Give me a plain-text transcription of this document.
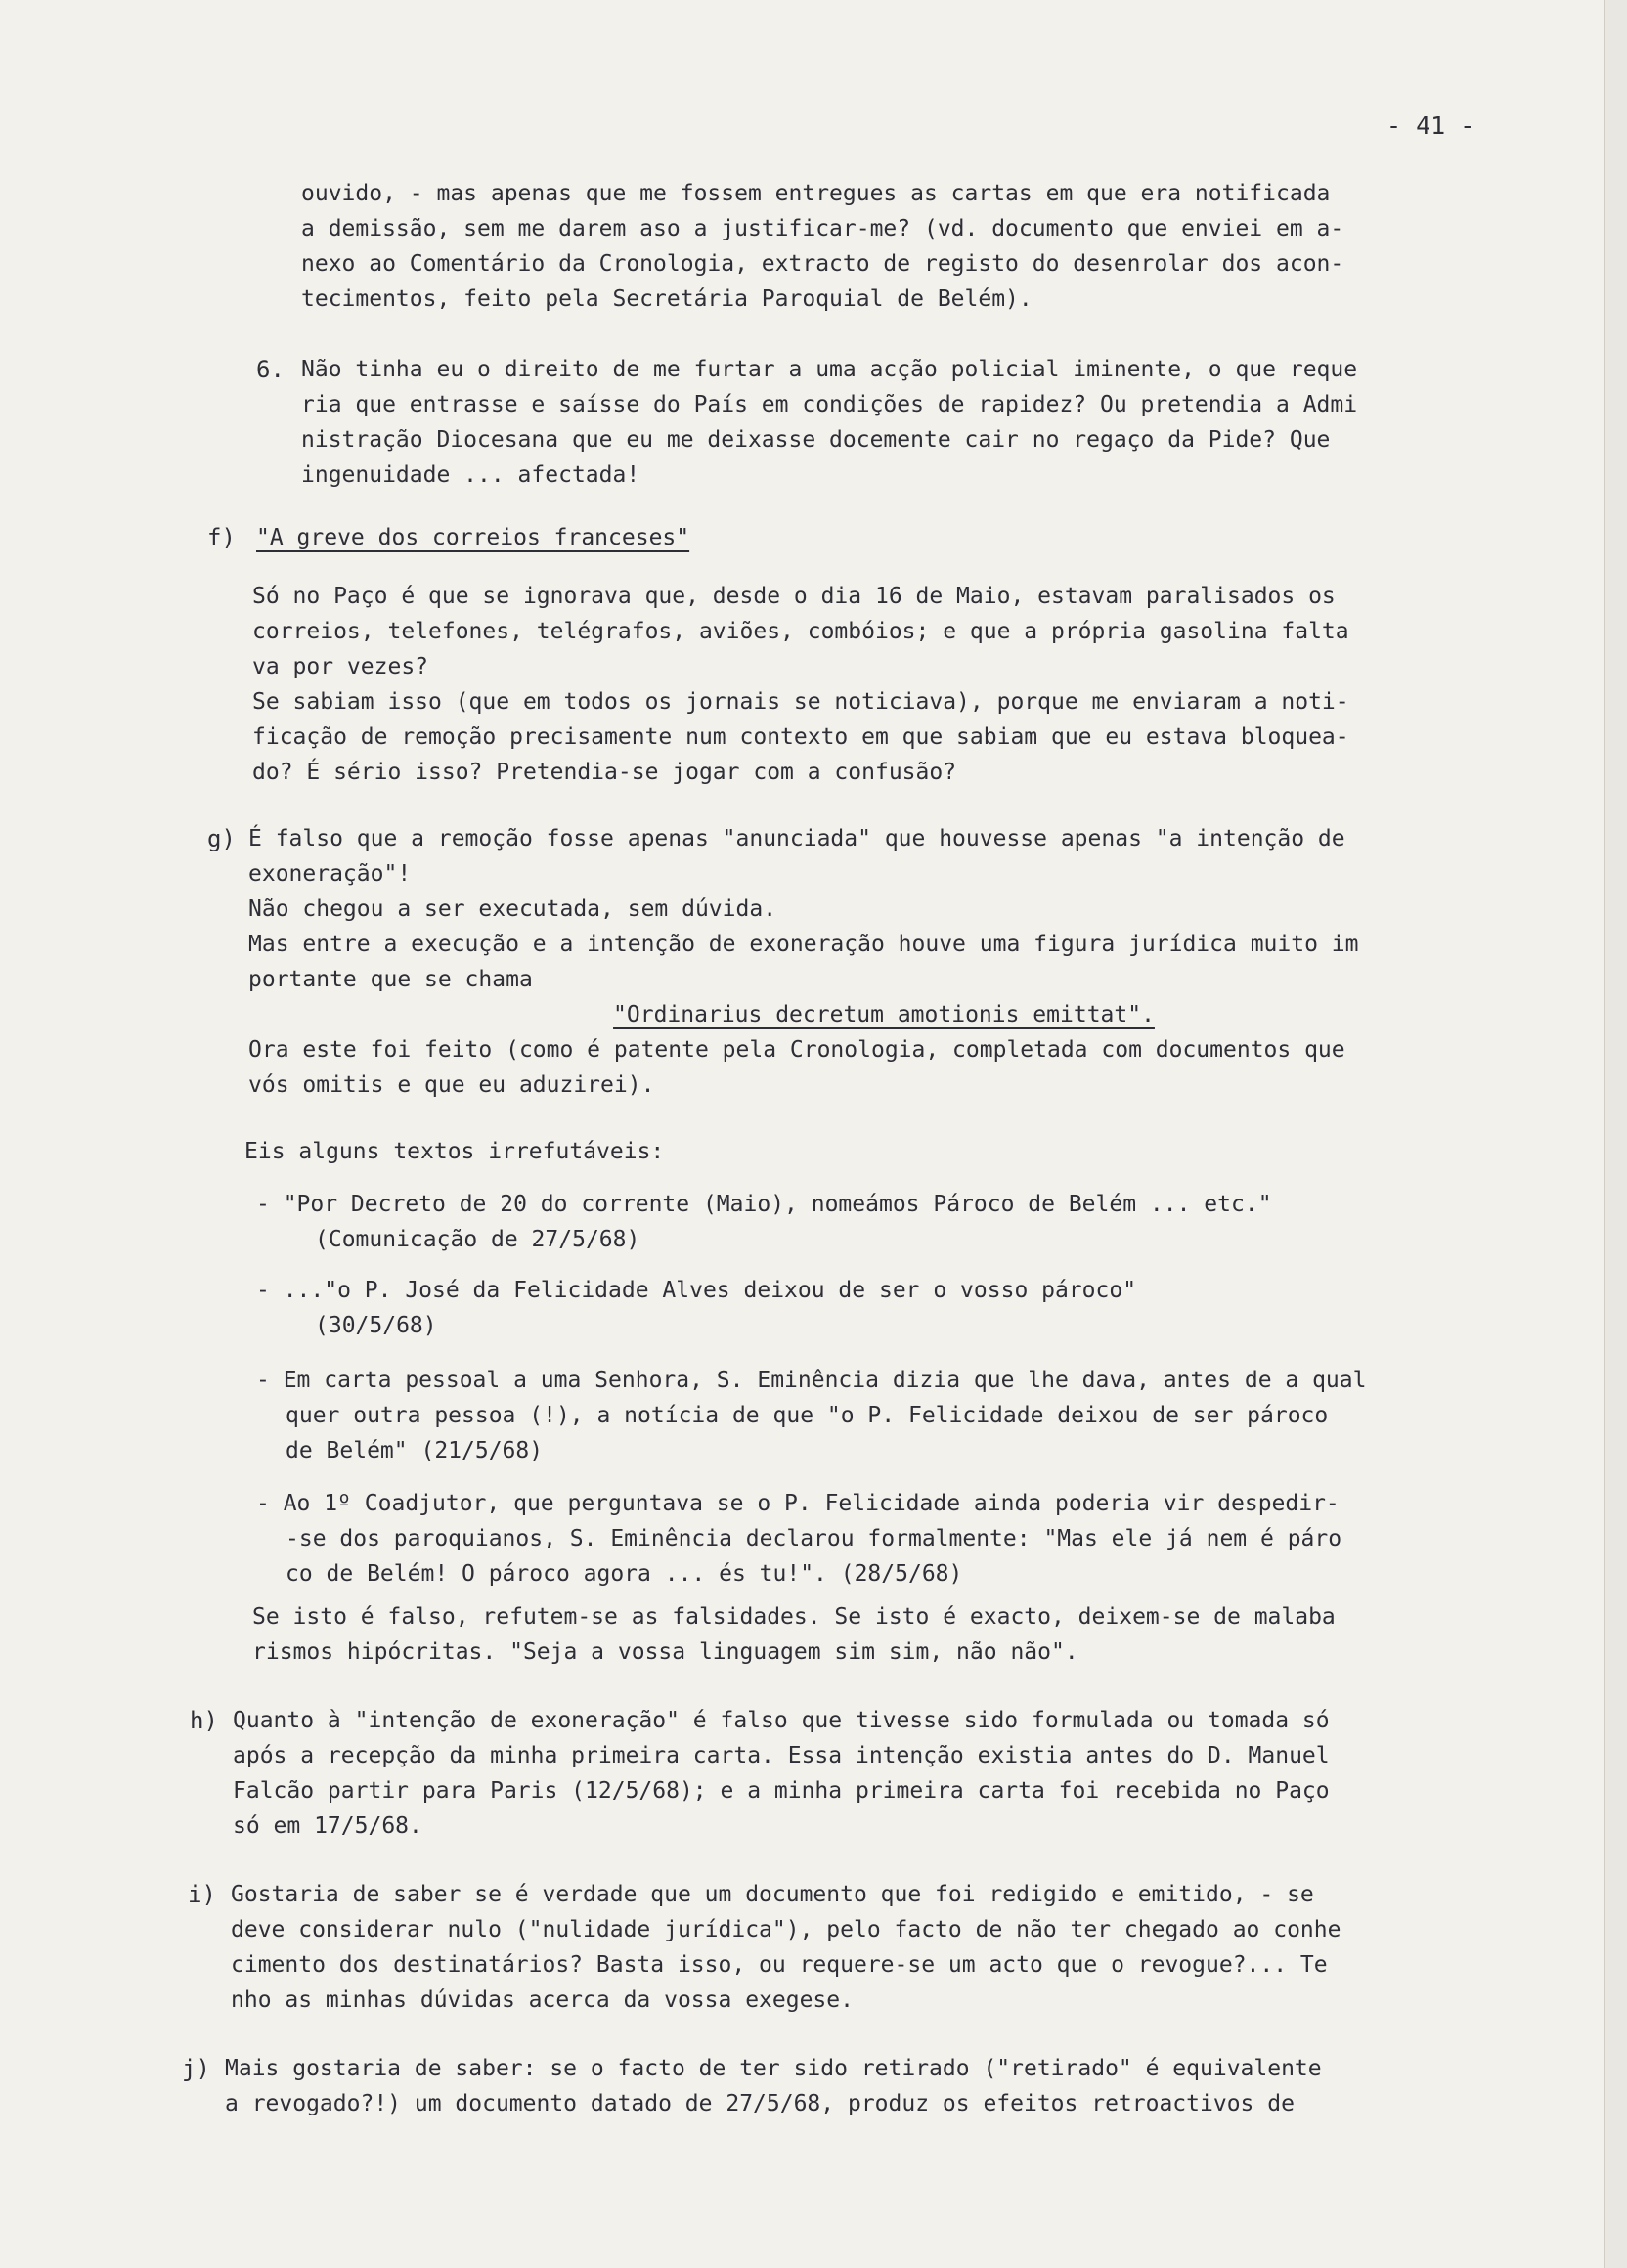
- 41 -
ouvido, - mas apenas que me fossem entregues as cartas em que era notificada
a demissão, sem me darem aso a justificar-me? (vd. documento que enviei em a-
nexo ao Comentário da Cronologia, extracto de registo do desenrolar dos acon-
tecimentos, feito pela Secretária Paroquial de Belém).
6. Não tinha eu o direito de me furtar a uma acção policial iminente, o que reque
ria que entrasse e saísse do País em condições de rapidez? Ou pretendia a Admi
nistração Diocesana que eu me deixasse docemente cair no regaço da Pide? Que
ingenuidade ... afectada!
f) "A greve dos correios franceses"
Só no Paço é que se ignorava que, desde o dia 16 de Maio, estavam paralisados os
correios, telefones, telégrafos, aviões, combóios; e que a própria gasolina falta
va por vezes?
Se sabiam isso (que em todos os jornais se noticiava), porque me enviaram a noti-
ficação de remoção precisamente num contexto em que sabiam que eu estava bloquea-
do? É sério isso? Pretendia-se jogar com a confusão?
g) É falso que a remoção fosse apenas "anunciada" que houvesse apenas "a intenção de
exoneração"!
Não chegou a ser executada, sem dúvida.
Mas entre a execução e a intenção de exoneração houve uma figura jurídica muito im
portante que se chama
"Ordinarius decretum amotionis emittat".
Ora este foi feito (como é patente pela Cronologia, completada com documentos que
vós omitis e que eu aduzirei).
Eis alguns textos irrefutáveis:
- "Por Decreto de 20 do corrente (Maio), nomeámos Pároco de Belém ... etc."
(Comunicação de 27/5/68)
- ..."o P. José da Felicidade Alves deixou de ser o vosso pároco"
(30/5/68)
- Em carta pessoal a uma Senhora, S. Eminência dizia que lhe dava, antes de a qual
quer outra pessoa (!), a notícia de que "o P. Felicidade deixou de ser pároco
de Belém" (21/5/68)
- Ao 1º Coadjutor, que perguntava se o P. Felicidade ainda poderia vir despedir-
-se dos paroquianos, S. Eminência declarou formalmente: "Mas ele já nem é páro
co de Belém! O pároco agora ... és tu!". (28/5/68)
Se isto é falso, refutem-se as falsidades. Se isto é exacto, deixem-se de malaba
rismos hipócritas. "Seja a vossa linguagem sim sim, não não".
h) Quanto à "intenção de exoneração" é falso que tivesse sido formulada ou tomada só
após a recepção da minha primeira carta. Essa intenção existia antes do D. Manuel
Falcão partir para Paris (12/5/68); e a minha primeira carta foi recebida no Paço
só em 17/5/68.
i) Gostaria de saber se é verdade que um documento que foi redigido e emitido, - se
deve considerar nulo ("nulidade jurídica"), pelo facto de não ter chegado ao conhe
cimento dos destinatários? Basta isso, ou requere-se um acto que o revogue?... Te
nho as minhas dúvidas acerca da vossa exegese.
j) Mais gostaria de saber: se o facto de ter sido retirado ("retirado" é equivalente
a revogado?!) um documento datado de 27/5/68, produz os efeitos retroactivos de
